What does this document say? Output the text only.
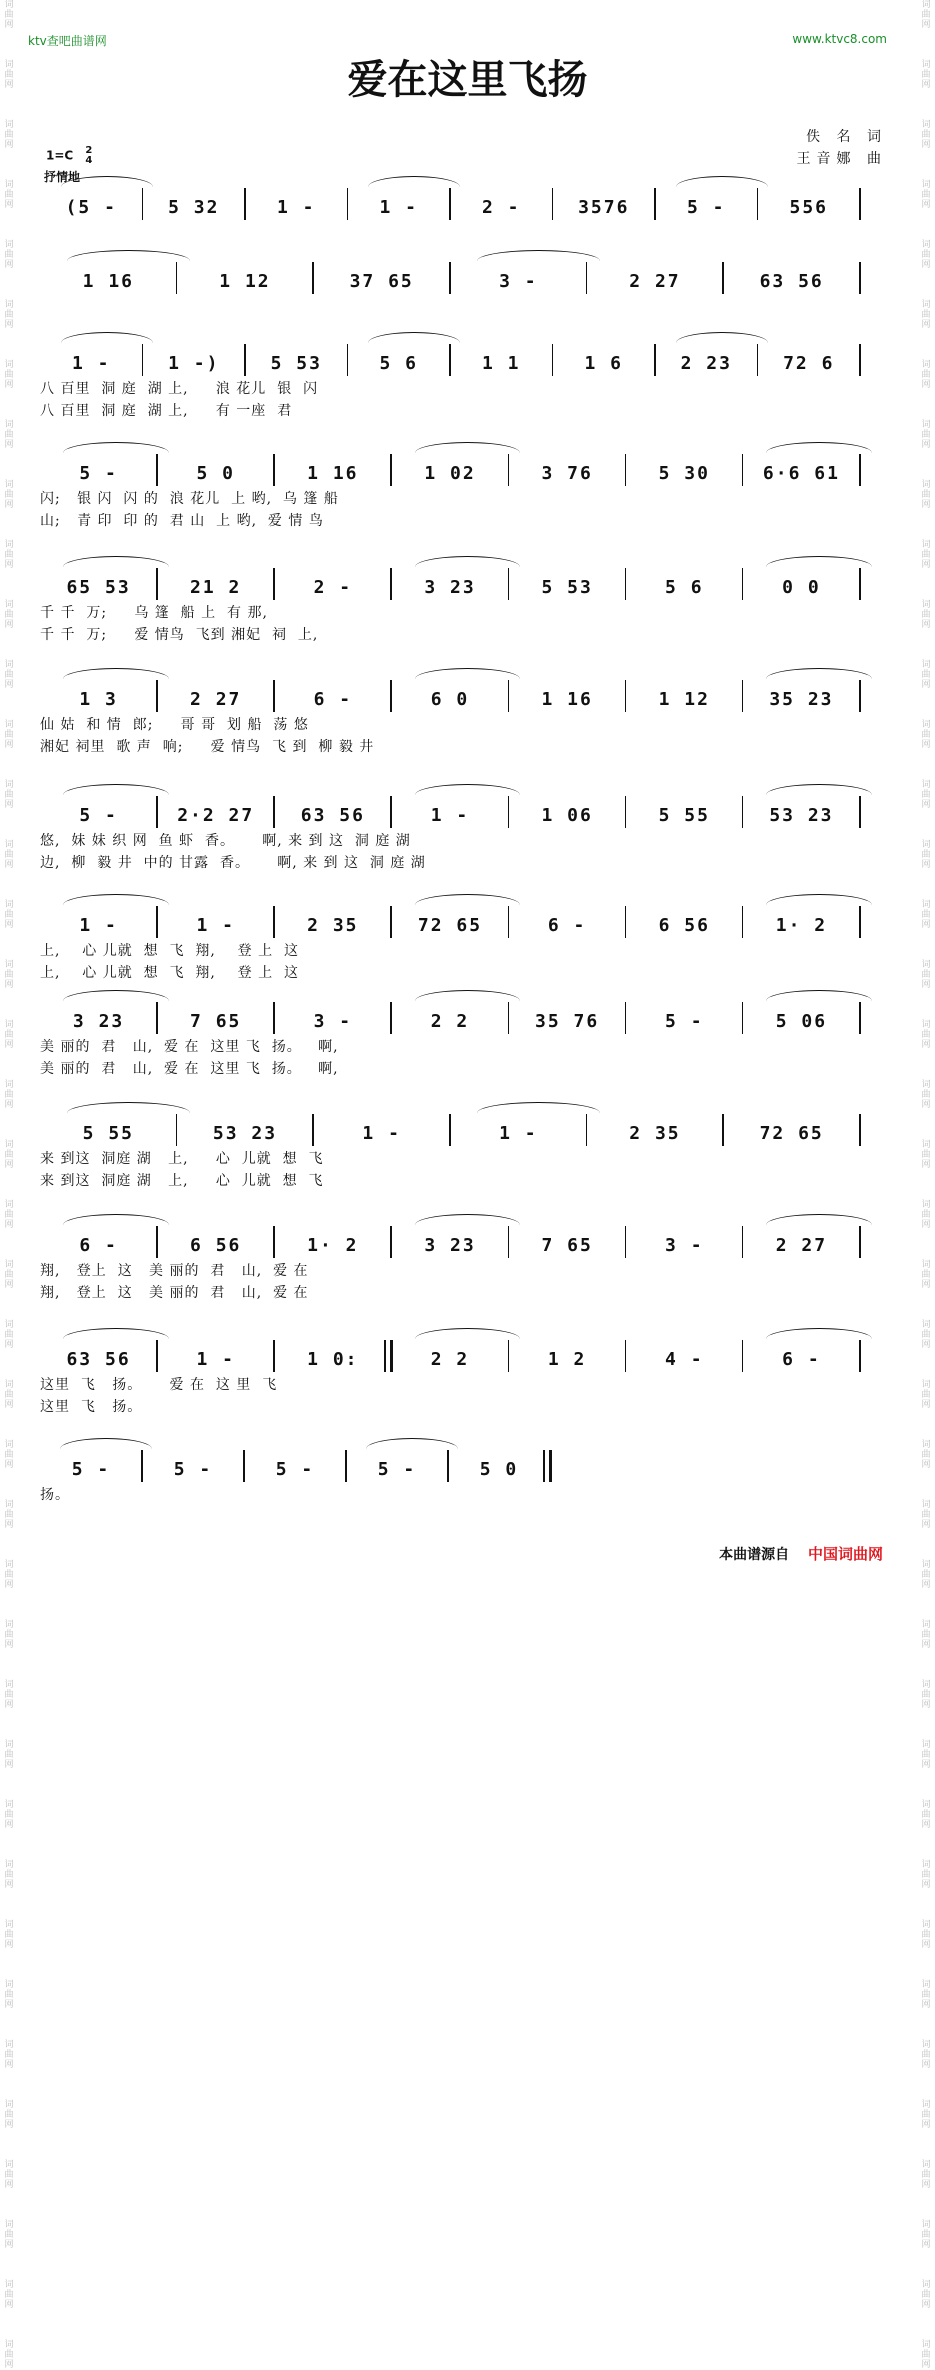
词
曲
网
词
曲
网
词
曲
网
词
曲
网
词
曲
网
词
曲
网
词
曲
网
词
曲
网
词
曲
网
词
曲
网
词
曲
网
词
曲
网
词
曲
网
词
曲
网
词
曲
网
词
曲
网
词
曲
网
词
曲
网
词
曲
网
词
曲
网
词
曲
网
词
曲
网
词
曲
网
词
曲
网
词
曲
网
词
曲
网
词
曲
网
词
曲
网
词
曲
网
词
曲
网
词
曲
网
词
曲
网
词
曲
网
词
曲
网
词
曲
网
词
曲
网
词
曲
网
词
曲
网
词
曲
网
词
曲
网
词
曲
网
词
曲
网
词
曲
网
词
曲
网
词
曲
网
词
曲
网
词
曲
网
词
曲
网
词
曲
网
词
曲
网
词
曲
网
词
曲
网
词
曲
网
词
曲
网
词
曲
网
词
曲
网
词
曲
网
词
曲
网
词
曲
网
词
曲
网
词
曲
网
词
曲
网
词
曲
网
词
曲
网
词
曲
网
词
曲
网
词
曲
网
词
曲
网
词
曲
网
词
曲
网
词
曲
网
词
曲
网
词
曲
网
词
曲
网
词
曲
网
词
曲
网
词
曲
网
词
曲
网
词
曲
网
词
曲
网
ktv查吧曲谱网	www.ktvc8.com
爱在这里飞扬
佚 名 词
王音娜 曲
1=C 2
4
抒情地
(5 -	5 32	1 -	1 -	2 -	3576	5 -	556
1 16	1 12	37 65	3 -	2 27	63 56
1 -	1 -)	5 53	5 6	1 1	1 6	2 23	72 6
八 百里  洞 庭  湖 上,     浪 花儿  银  闪
八 百里  洞 庭  湖 上,     有 一座  君
5 -	5 0	1 16	1 02	3 76	5 30	6·6 61
闪;   银 闪  闪 的  浪 花儿  上 哟,  乌 篷 船
山;   青 印  印 的  君 山  上 哟,  爱 情 鸟
65 53	21 2	2 -	3 23	5 53	5 6	0 0
千 千  万;     乌 篷  船 上  有 那,
千 千  万;     爱 情鸟  飞到 湘妃  祠  上,
1 3	2 27	6 -	6 0	1 16	1 12	35 23
仙 姑  和 情  郎;     哥 哥  划 船  荡 悠
湘妃 祠里  歌 声  响;     爱 情鸟  飞 到  柳 毅 井
5 -	2·2 27	63 56	1 -	1 06	5 55	53 23
悠,  妹 妹 织 网  鱼 虾  香。     啊, 来 到 这  洞 庭 湖
边,  柳  毅 井  中的 甘露  香。     啊, 来 到 这  洞 庭 湖
1 -	1 -	2 35	72 65	6 -	6 56	1· 2
上,    心 儿就  想  飞  翔,    登 上  这
上,    心 儿就  想  飞  翔,    登 上  这
3 23	7 65	3 -	2 2	35 76	5 -	5 06
美 丽的  君   山,  爱 在  这里 飞  扬。   啊,
美 丽的  君   山,  爱 在  这里 飞  扬。   啊,
5 55	53 23	1 -	1 -	2 35	72 65
来 到这  洞庭 湖   上,     心  儿就  想  飞
来 到这  洞庭 湖   上,     心  儿就  想  飞
6 -	6 56	1· 2	3 23	7 65	3 -	2 27
翔,   登上  这   美 丽的  君   山,  爱 在
翔,   登上  这   美 丽的  君   山,  爱 在
63 56	1 -	1 0:	2 2	1 2	4 -	6 -
这里  飞   扬。     爱 在  这 里  飞
这里  飞   扬。
5 -	5 -	5 -	5 -	5 0
扬。
本曲谱源自 中国词曲网
